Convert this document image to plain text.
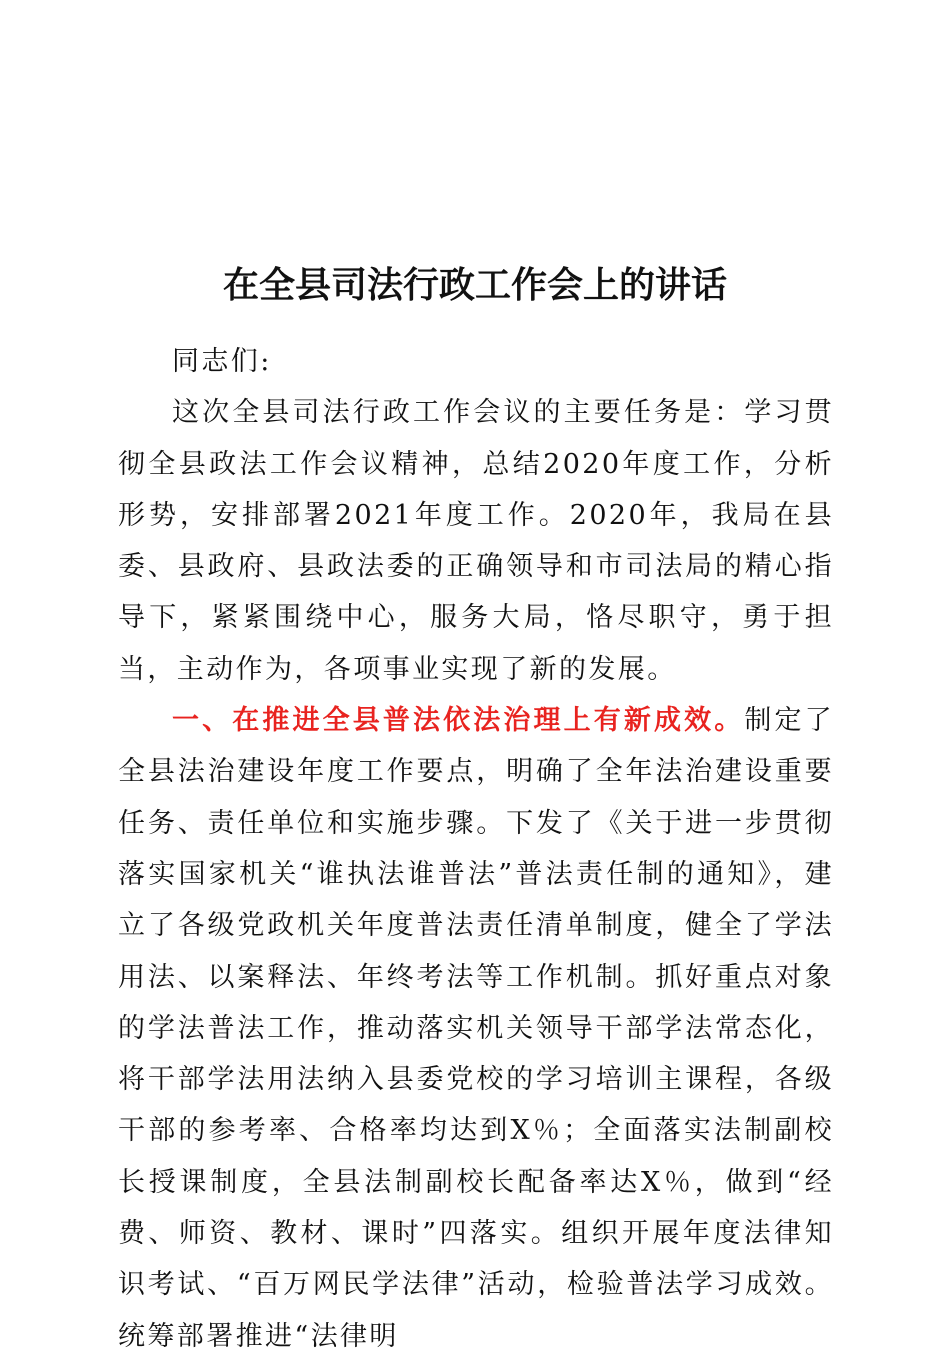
在全县司法行政工作会上的讲话

同志们:

这次全县司法行政工作会议的主要任务是：学习贯彻全县政法工作会议精神，总结2020年度工作，分析形势，安排部署2021年度工作。2020年，我局在县委、县政府、县政法委的正确领导和市司法局的精心指导下，紧紧围绕中心，服务大局，恪尽职守，勇于担当，主动作为，各项事业实现了新的发展。

一、在推进全县普法依法治理上有新成效。制定了全县法治建设年度工作要点，明确了全年法治建设重要任务、责任单位和实施步骤。下发了《关于进一步贯彻落实国家机关“谁执法谁普法”普法责任制的通知》，建立了各级党政机关年度普法责任清单制度，健全了学法用法、以案释法、年终考法等工作机制。抓好重点对象的学法普法工作，推动落实机关领导干部学法常态化，将干部学法用法纳入县委党校的学习培训主课程，各级干部的参考率、合格率均达到X％；全面落实法制副校长授课制度，全县法制副校长配备率达X％，做到“经费、师资、教材、课时”四落实。组织开展年度法律知识考试、“百万网民学法律”活动，检验普法学习成效。统筹部署推进“法律明
